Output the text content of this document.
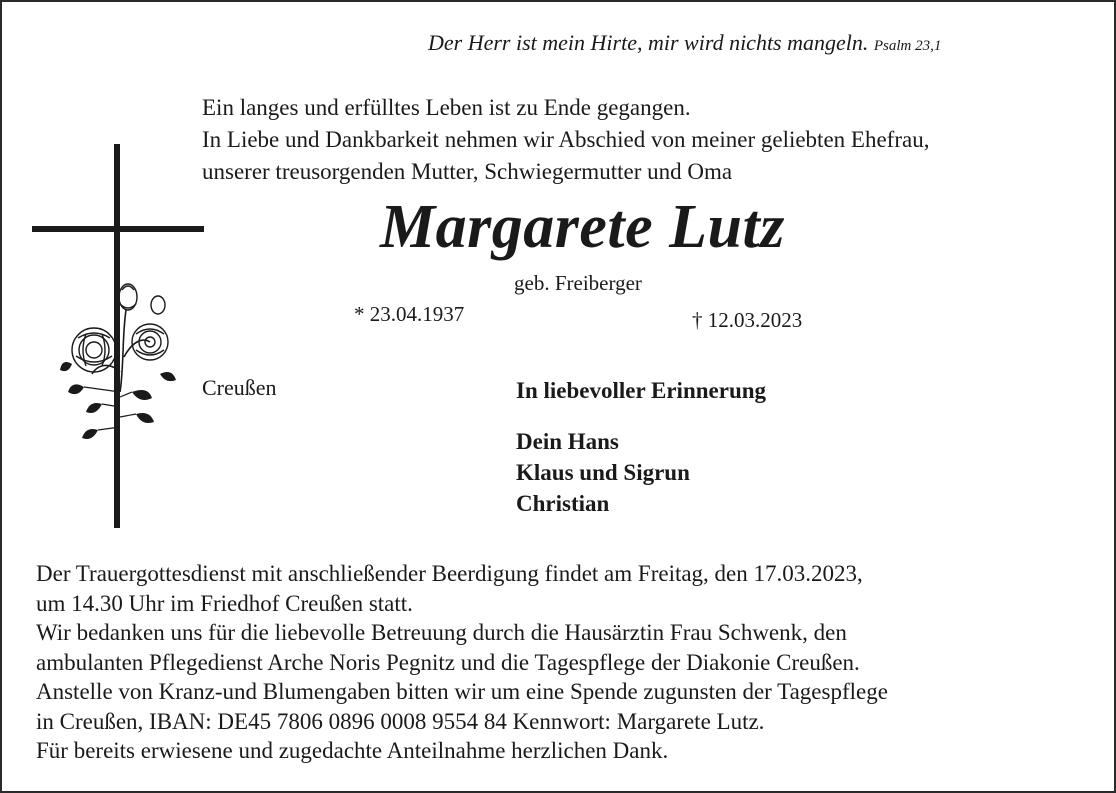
Der Herr ist mein Hirte, mir wird nichts mangeln. Psalm 23,1
Ein langes und erfülltes Leben ist zu Ende gegangen.
In Liebe und Dankbarkeit nehmen wir Abschied von meiner geliebten Ehefrau,
unserer treusorgenden Mutter, Schwiegermutter und Oma
Margarete Lutz
geb. Freiberger
* 23.04.1937	† 12.03.2023
Creußen	In liebevoller Erinnerung
Dein Hans
Klaus und Sigrun
Christian
Der Trauergottesdienst mit anschließender Beerdigung findet am Freitag, den 17.03.2023,
um 14.30 Uhr im Friedhof Creußen statt.
Wir bedanken uns für die liebevolle Betreuung durch die Hausärztin Frau Schwenk, den
ambulanten Pflegedienst Arche Noris Pegnitz und die Tagespflege der Diakonie Creußen.
Anstelle von Kranz-und Blumengaben bitten wir um eine Spende zugunsten der Tagespflege
in Creußen, IBAN: DE45 7806 0896 0008 9554 84 Kennwort: Margarete Lutz.
Für bereits erwiesene und zugedachte Anteilnahme herzlichen Dank.
